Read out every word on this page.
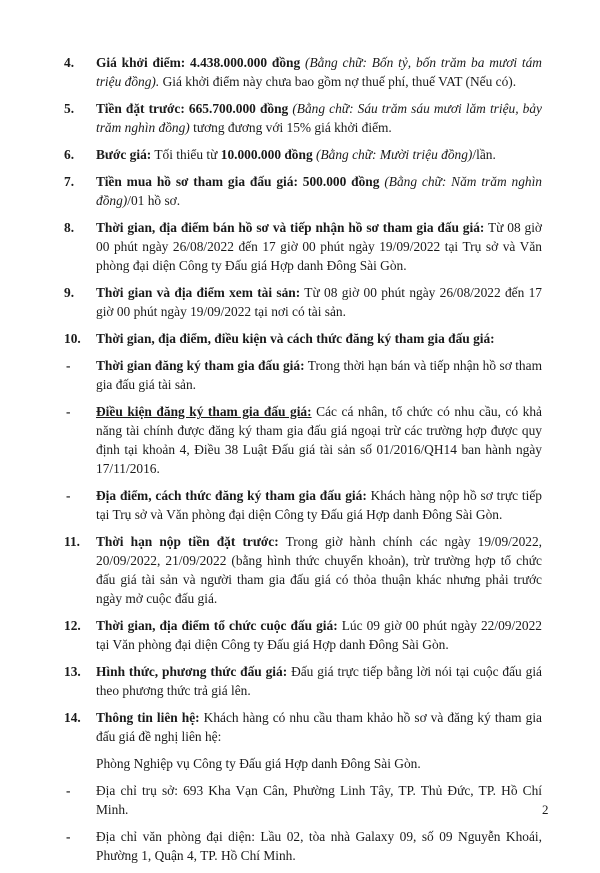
4. Giá khởi điểm: 4.438.000.000 đồng (Bằng chữ: Bốn tỷ, bốn trăm ba mươi tám triệu đồng). Giá khởi điểm này chưa bao gồm nợ thuế phí, thuế VAT (Nếu có).
5. Tiền đặt trước: 665.700.000 đồng (Bằng chữ: Sáu trăm sáu mươi lăm triệu, bảy trăm nghìn đồng) tương đương với 15% giá khởi điểm.
6. Bước giá: Tối thiểu từ 10.000.000 đồng (Bằng chữ: Mười triệu đồng)/lần.
7. Tiền mua hồ sơ tham gia đấu giá: 500.000 đồng (Bằng chữ: Năm trăm nghìn đồng)/01 hồ sơ.
8. Thời gian, địa điểm bán hồ sơ và tiếp nhận hồ sơ tham gia đấu giá: Từ 08 giờ 00 phút ngày 26/08/2022 đến 17 giờ 00 phút ngày 19/09/2022 tại Trụ sở và Văn phòng đại diện Công ty Đấu giá Hợp danh Đông Sài Gòn.
9. Thời gian và địa điểm xem tài sản: Từ 08 giờ 00 phút ngày 26/08/2022 đến 17 giờ 00 phút ngày 19/09/2022 tại nơi có tài sản.
10. Thời gian, địa điểm, điều kiện và cách thức đăng ký tham gia đấu giá:
- Thời gian đăng ký tham gia đấu giá: Trong thời hạn bán và tiếp nhận hồ sơ tham gia đấu giá tài sản.
- Điều kiện đăng ký tham gia đấu giá: Các cá nhân, tổ chức có nhu cầu, có khả năng tài chính được đăng ký tham gia đấu giá ngoại trừ các trường hợp được quy định tại khoản 4, Điều 38 Luật Đấu giá tài sản số 01/2016/QH14 ban hành ngày 17/11/2016.
- Địa điểm, cách thức đăng ký tham gia đấu giá: Khách hàng nộp hồ sơ trực tiếp tại Trụ sở và Văn phòng đại diện Công ty Đấu giá Hợp danh Đông Sài Gòn.
11. Thời hạn nộp tiền đặt trước: Trong giờ hành chính các ngày 19/09/2022, 20/09/2022, 21/09/2022 (bằng hình thức chuyển khoản), trừ trường hợp tổ chức đấu giá tài sản và người tham gia đấu giá có thỏa thuận khác nhưng phải trước ngày mở cuộc đấu giá.
12. Thời gian, địa điểm tổ chức cuộc đấu giá: Lúc 09 giờ 00 phút ngày 22/09/2022 tại Văn phòng đại diện Công ty Đấu giá Hợp danh Đông Sài Gòn.
13. Hình thức, phương thức đấu giá: Đấu giá trực tiếp bằng lời nói tại cuộc đấu giá theo phương thức trả giá lên.
14. Thông tin liên hệ: Khách hàng có nhu cầu tham khảo hồ sơ và đăng ký tham gia đấu giá đề nghị liên hệ:
Phòng Nghiệp vụ Công ty Đấu giá Hợp danh Đông Sài Gòn.
- Địa chỉ trụ sở: 693 Kha Vạn Cân, Phường Linh Tây, TP. Thủ Đức, TP. Hồ Chí Minh.
- Địa chỉ văn phòng đại diện: Lầu 02, tòa nhà Galaxy 09, số 09 Nguyễn Khoái, Phường 1, Quận 4, TP. Hồ Chí Minh.
2
